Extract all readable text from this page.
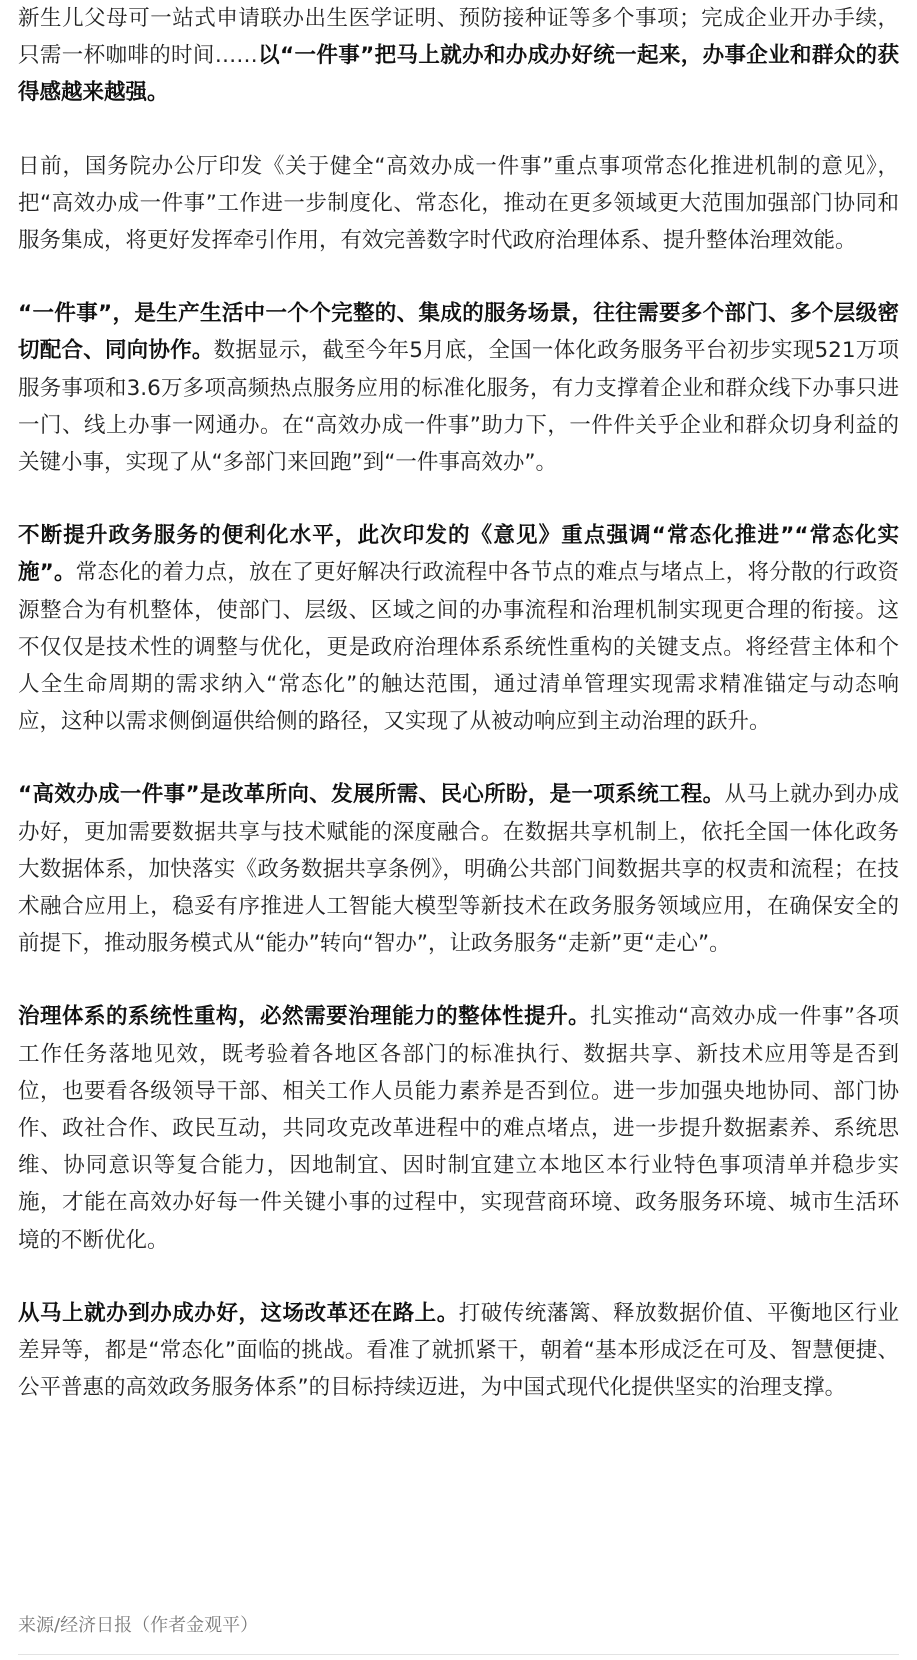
新生儿父母可一站式申请联办出生医学证明、预防接种证等多个事项；完成企业开办手续，只需一杯咖啡的时间……以“一件事”把马上就办和办成办好统一起来，办事企业和群众的获得感越来越强。

日前，国务院办公厅印发《关于健全“高效办成一件事”重点事项常态化推进机制的意见》，把“高效办成一件事”工作进一步制度化、常态化，推动在更多领域更大范围加强部门协同和服务集成，将更好发挥牵引作用，有效完善数字时代政府治理体系、提升整体治理效能。

“一件事”，是生产生活中一个个完整的、集成的服务场景，往往需要多个部门、多个层级密切配合、同向协作。数据显示，截至今年5月底，全国一体化政务服务平台初步实现521万项服务事项和3.6万多项高频热点服务应用的标准化服务，有力支撑着企业和群众线下办事只进一门、线上办事一网通办。在“高效办成一件事”助力下，一件件关乎企业和群众切身利益的关键小事，实现了从“多部门来回跑”到“一件事高效办”。

不断提升政务服务的便利化水平，此次印发的《意见》重点强调“常态化推进”“常态化实施”。常态化的着力点，放在了更好解决行政流程中各节点的难点与堵点上，将分散的行政资源整合为有机整体，使部门、层级、区域之间的办事流程和治理机制实现更合理的衔接。这不仅仅是技术性的调整与优化，更是政府治理体系系统性重构的关键支点。将经营主体和个人全生命周期的需求纳入“常态化”的触达范围，通过清单管理实现需求精准锚定与动态响应，这种以需求侧倒逼供给侧的路径，又实现了从被动响应到主动治理的跃升。

“高效办成一件事”是改革所向、发展所需、民心所盼，是一项系统工程。从马上就办到办成办好，更加需要数据共享与技术赋能的深度融合。在数据共享机制上，依托全国一体化政务大数据体系，加快落实《政务数据共享条例》，明确公共部门间数据共享的权责和流程；在技术融合应用上，稳妥有序推进人工智能大模型等新技术在政务服务领域应用，在确保安全的前提下，推动服务模式从“能办”转向“智办”，让政务服务“走新”更“走心”。

治理体系的系统性重构，必然需要治理能力的整体性提升。扎实推动“高效办成一件事”各项工作任务落地见效，既考验着各地区各部门的标准执行、数据共享、新技术应用等是否到位，也要看各级领导干部、相关工作人员能力素养是否到位。进一步加强央地协同、部门协作、政社合作、政民互动，共同攻克改革进程中的难点堵点，进一步提升数据素养、系统思维、协同意识等复合能力，因地制宜、因时制宜建立本地区本行业特色事项清单并稳步实施，才能在高效办好每一件关键小事的过程中，实现营商环境、政务服务环境、城市生活环境的不断优化。

从马上就办到办成办好，这场改革还在路上。打破传统藩篱、释放数据价值、平衡地区行业差异等，都是“常态化”面临的挑战。看准了就抓紧干，朝着“基本形成泛在可及、智慧便捷、公平普惠的高效政务服务体系”的目标持续迈进，为中国式现代化提供坚实的治理支撑。

来源/经济日报（作者金观平）
